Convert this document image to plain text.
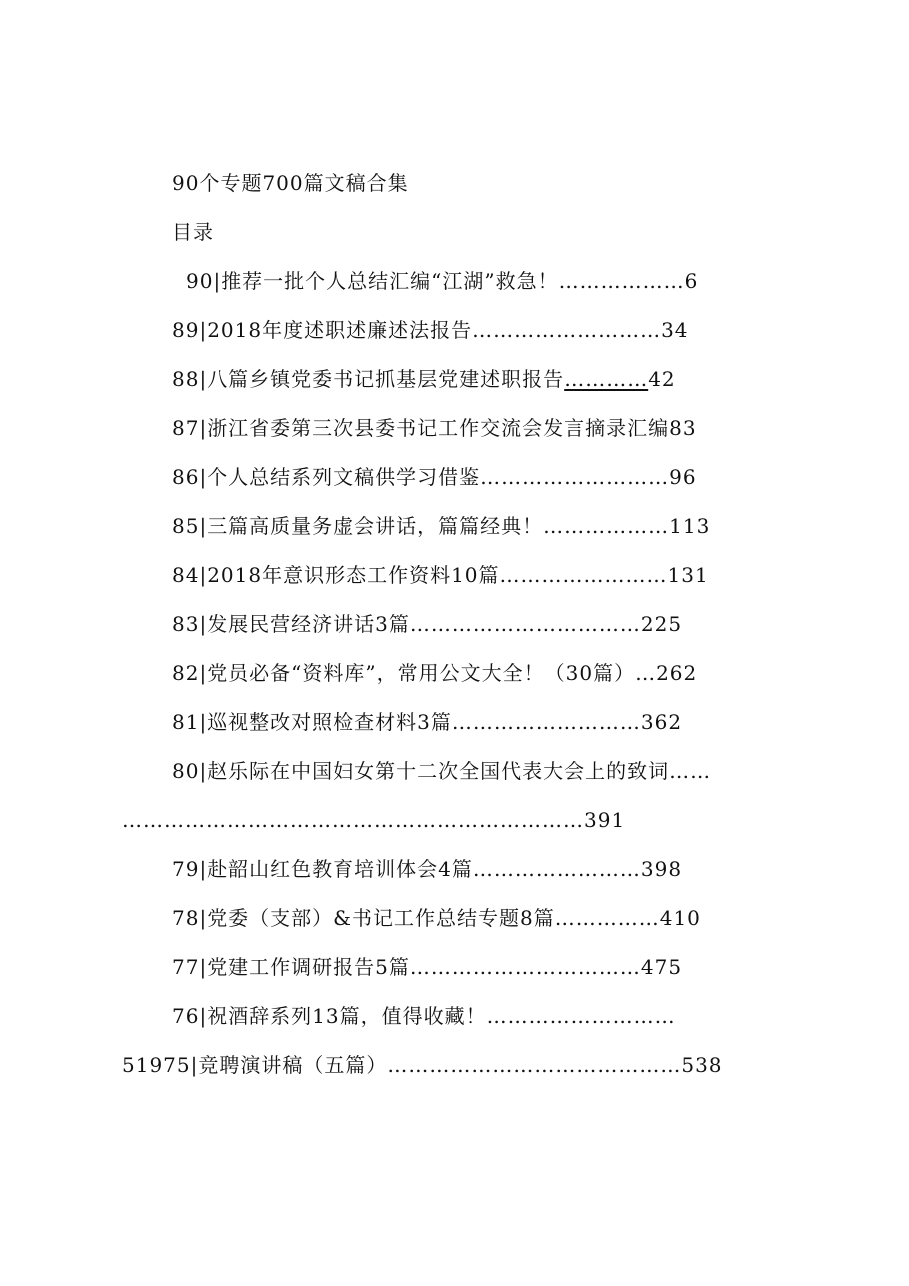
90个专题700篇文稿合集
目录
90|推荐一批个人总结汇编“江湖”救急！………………6
89|2018年度述职述廉述法报告………………………34
88|八篇乡镇党委书记抓基层党建述职报告…………42
87|浙江省委第三次县委书记工作交流会发言摘录汇编83
86|个人总结系列文稿供学习借鉴………………………96
85|三篇高质量务虚会讲话，篇篇经典！………………113
84|2018年意识形态工作资料10篇……………………131
83|发展民营经济讲话3篇……………………………225
82|党员必备“资料库”，常用公文大全！（30篇）…262
81|巡视整改对照检查材料3篇………………………362
80|赵乐际在中国妇女第十二次全国代表大会上的致词……
…………………………………………………………391
79|赴韶山红色教育培训体会4篇……………………398
78|党委（支部）&书记工作总结专题8篇……………410
77|党建工作调研报告5篇……………………………475
76|祝酒辞系列13篇，值得收藏！………………………
51975|竞聘演讲稿（五篇）……………………………………538
